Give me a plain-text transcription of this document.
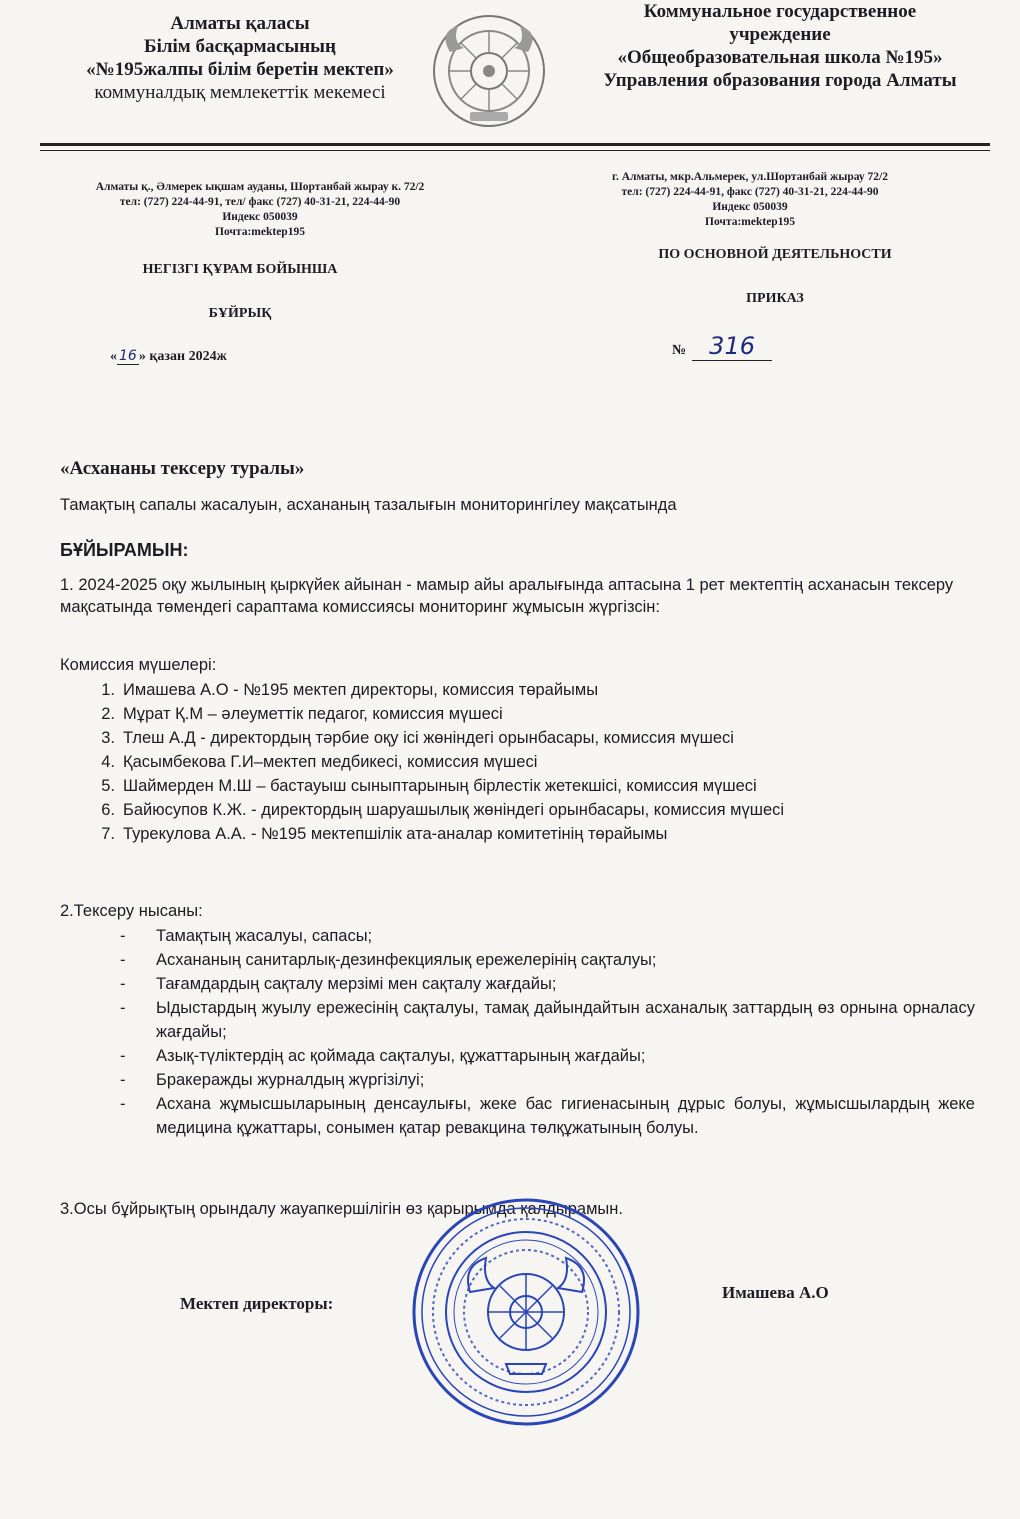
Алматы қаласы
Білім басқармасының
«№195жалпы білім беретін мектеп»
коммуналдық мемлекеттік мекемесі
Коммунальное государственное
учреждение
«Общеобразовательная школа №195»
Управления образования города Алматы
Алматы қ., Әлмерек ықшам ауданы, Шортанбай жырау к. 72/2
тел: (727) 224-44-91, тел/ факс (727) 40-31-21, 224-44-90
Индекс 050039
Почта:mektep195
г. Алматы, мкр.Альмерек, ул.Шортанбай жырау 72/2
тел: (727) 224-44-91, факс (727) 40-31-21, 224-44-90
Индекс 050039
Почта:mektep195
НЕГІЗГІ ҚҰРАМ БОЙЫНША
ПО ОСНОВНОЙ ДЕЯТЕЛЬНОСТИ
БҰЙРЫҚ
ПРИКАЗ
« 16 » қазан 2024ж	№ 316
«Асхананы тексеру туралы»
Тамақтың сапалы жасалуын, асхананың тазалығын мониторингілеу мақсатында
БҰЙЫРАМЫН:
1. 2024-2025 оқу жылының қыркүйек айынан - мамыр айы аралығында аптасына 1 рет мектептің асханасын тексеру мақсатында төмендегі сараптама комиссиясы мониторинг жұмысын жүргізсін:
Комиссия мүшелері:
1. Имашева А.О - №195 мектеп директоры, комиссия төрайымы
2. Мұрат Қ.М – әлеуметтік педагог, комиссия мүшесі
3. Тлеш А.Д - директордың тәрбие оқу ісі жөніндегі орынбасары, комиссия мүшесі
4. Қасымбекова Г.И–мектеп медбикесі, комиссия мүшесі
5. Шаймерден М.Ш – бастауыш сыныптарының бірлестік жетекшісі, комиссия мүшесі
6. Байюсупов К.Ж. - директордың шаруашылық жөніндегі орынбасары, комиссия мүшесі
7. Турекулова А.А. - №195 мектепшілік ата-аналар комитетінің төрайымы
2.Тексеру нысаны:
- Тамақтың жасалуы, сапасы;
- Асхананың санитарлық-дезинфекциялық ережелерінің сақталуы;
- Тағамдардың сақталу мерзімі мен сақталу жағдайы;
- Ыдыстардың жуылу ережесінің сақталуы, тамақ дайындайтын асханалық заттардың өз орнына орналасу жағдайы;
- Азық-түліктердің ас қоймада сақталуы, құжаттарының жағдайы;
- Бракеражды журналдың жүргізілуі;
- Асхана жұмысшыларының денсаулығы, жеке бас гигиенасының дұрыс болуы, жұмысшылардың жеке медицина құжаттары, сонымен қатар ревакцина төлқұжатының болуы.
3.Осы бұйрықтың орындалу жауапкершілігін өз қарырымда қалдырамын.
Мектеп директоры:
Имашева А.О
